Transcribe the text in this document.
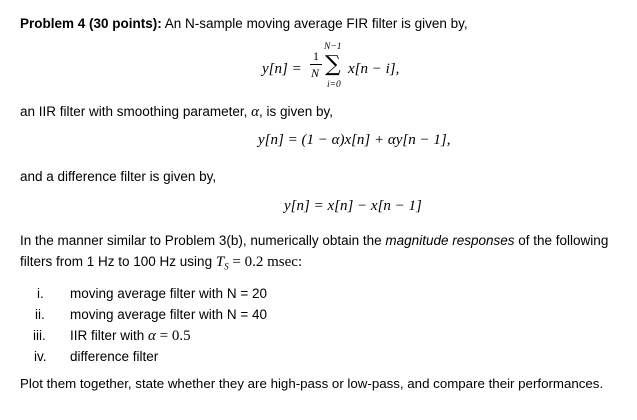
Problem 4 (30 points): An N-sample moving average FIR filter is given by,
y[n] =
1
N
N−1
∑
i=0
x[n − i],
an IIR filter with smoothing parameter, α, is given by,
y[n] = (1 − α)x[n] + αy[n − 1],
and a difference filter is given by,
y[n] = x[n] − x[n − 1]
In the manner similar to Problem 3(b), numerically obtain the magnitude responses of the following
filters from 1 Hz to 100 Hz using $T_S = 0.2$ msec:
i. moving average filter with N = 20
ii. moving average filter with N = 40
iii. IIR filter with α = 0.5
iv. difference filter
Plot them together, state whether they are high-pass or low-pass, and compare their performances.
